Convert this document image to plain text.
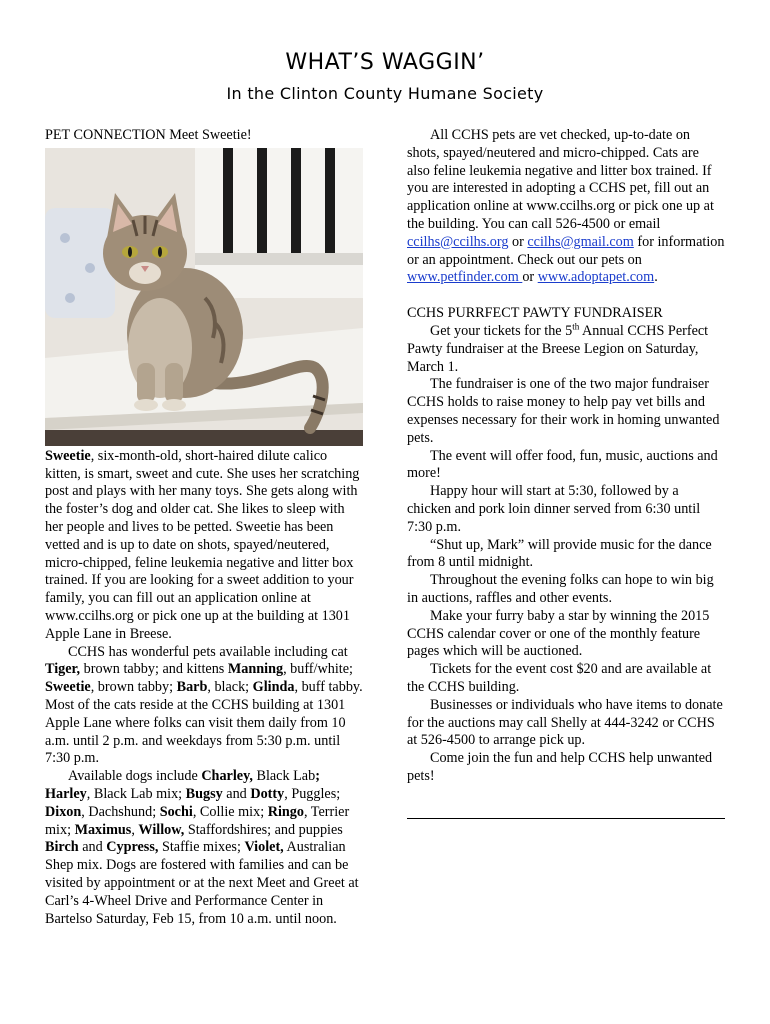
WHAT’S WAGGIN’
In the Clinton County Humane Society

PET CONNECTION Meet Sweetie!

Sweetie, six-month-old, short-haired dilute calico kitten, is smart, sweet and cute. She uses her scratching post and plays with her many toys. She gets along with the foster’s dog and older cat. She likes to sleep with her people and lives to be petted. Sweetie has been vetted and is up to date on shots, spayed/neutered, micro-chipped, feline leukemia negative and litter box trained. If you are looking for a sweet addition to your family, you can fill out an application online at www.ccilhs.org or pick one up at the building at 1301 Apple Lane in Breese.

CCHS has wonderful pets available including cat Tiger, brown tabby; and kittens Manning, buff/white; Sweetie, brown tabby; Barb, black; Glinda, buff tabby. Most of the cats reside at the CCHS building at 1301 Apple Lane where folks can visit them daily from 10 a.m. until 2 p.m. and weekdays from 5:30 p.m. until 7:30 p.m.

Available dogs include Charley, Black Lab; Harley, Black Lab mix; Bugsy and Dotty, Puggles; Dixon, Dachshund; Sochi, Collie mix; Ringo, Terrier mix; Maximus, Willow, Staffordshires; and puppies Birch and Cypress, Staffie mixes; Violet, Australian Shep mix. Dogs are fostered with families and can be visited by appointment or at the next Meet and Greet at Carl’s 4-Wheel Drive and Performance Center in Bartelso Saturday, Feb 15, from 10 a.m. until noon.

All CCHS pets are vet checked, up-to-date on shots, spayed/neutered and micro-chipped. Cats are also feline leukemia negative and litter box trained. If you are interested in adopting a CCHS pet, fill out an application online at www.ccilhs.org or pick one up at the building. You can call 526-4500 or email ccilhs@ccilhs.org or ccilhs@gmail.com for information or an appointment. Check out our pets on www.petfinder.com or www.adoptapet.com.

CCHS PURRFECT PAWTY FUNDRAISER

Get your tickets for the 5th Annual CCHS Perfect Pawty fundraiser at the Breese Legion on Saturday, March 1.

The fundraiser is one of the two major fundraiser CCHS holds to raise money to help pay vet bills and expenses necessary for their work in homing unwanted pets.

The event will offer food, fun, music, auctions and more!

Happy hour will start at 5:30, followed by a chicken and pork loin dinner served from 6:30 until 7:30 p.m.

“Shut up, Mark” will provide music for the dance from 8 until midnight.

Throughout the evening folks can hope to win big in auctions, raffles and other events.

Make your furry baby a star by winning the 2015 CCHS calendar cover or one of the monthly feature pages which will be auctioned.

Tickets for the event cost $20 and are available at the CCHS building.

Businesses or individuals who have items to donate for the auctions may call Shelly at 444-3242 or CCHS at 526-4500 to arrange pick up.

Come join the fun and help CCHS help unwanted pets!
